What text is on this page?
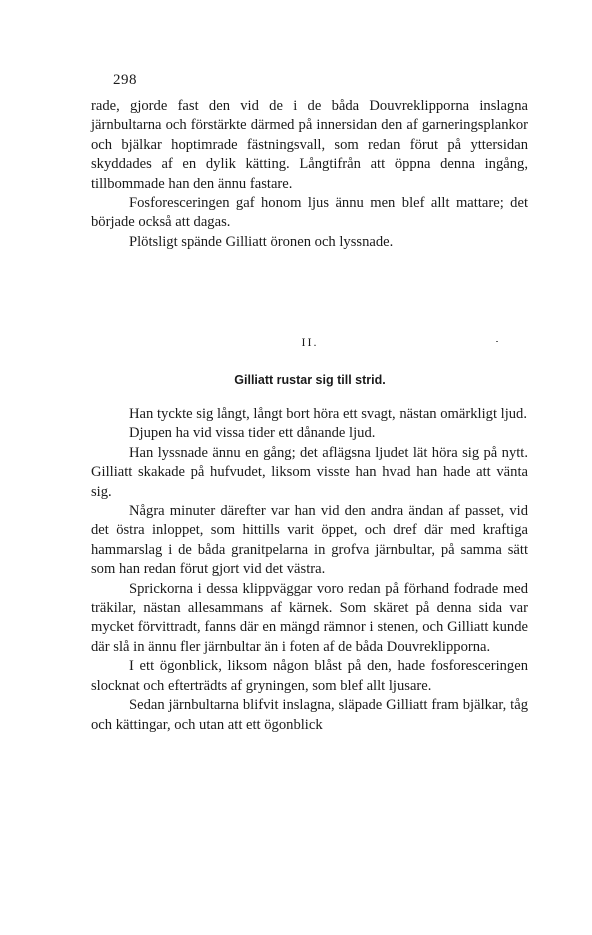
298

rade, gjorde fast den vid de i de båda Douvreklipporna inslagna järnbultarna och förstärkte därmed på innersidan den af garneringsplankor och bjälkar hoptimrade fästningsvall, som redan förut på yttersidan skyddades af en dylik kätting. Långtifrån att öppna denna ingång, tillbommade han den ännu fastare.

Fosforesceringen gaf honom ljus ännu men blef allt mattare; det började också att dagas.

Plötsligt spände Gilliatt öronen och lyssnade.

II.
Gilliatt rustar sig till strid.

Han tyckte sig långt, långt bort höra ett svagt, nästan omärkligt ljud.

Djupen ha vid vissa tider ett dånande ljud.

Han lyssnade ännu en gång; det aflägsna ljudet lät höra sig på nytt. Gilliatt skakade på hufvudet, liksom visste han hvad han hade att vänta sig.

Några minuter därefter var han vid den andra ändan af passet, vid det östra inloppet, som hittills varit öppet, och dref där med kraftiga hammarslag i de båda granitpelarna in grofva järnbultar, på samma sätt som han redan förut gjort vid det västra.

Sprickorna i dessa klippväggar voro redan på förhand fodrade med träkilar, nästan allesammans af kärnek. Som skäret på denna sida var mycket förvittradt, fanns där en mängd rämnor i stenen, och Gilliatt kunde där slå in ännu fler järnbultar än i foten af de båda Douvreklipporna.

I ett ögonblick, liksom någon blåst på den, hade fosforesceringen slocknat och efterträdts af gryningen, som blef allt ljusare.

Sedan järnbultarna blifvit inslagna, släpade Gilliatt fram bjälkar, tåg och kättingar, och utan att ett ögonblick
